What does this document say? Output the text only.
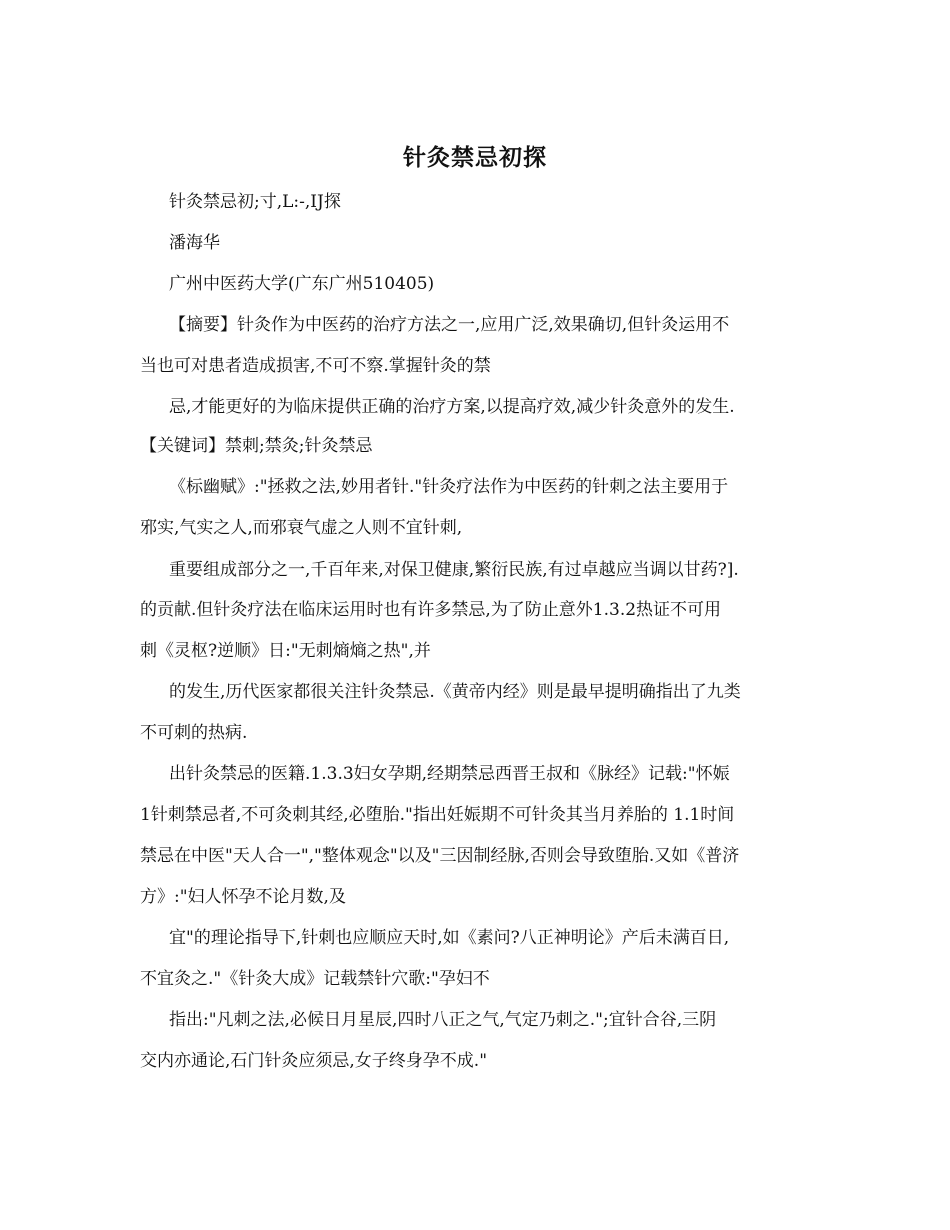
针灸禁忌初探
针灸禁忌初;寸,L:-,IJ探
潘海华
广州中医药大学(广东广州510405)
【摘要】针灸作为中医药的治疗方法之一,应用广泛,效果确切,但针灸运用不
当也可对患者造成损害,不可不察.掌握针灸的禁
忌,才能更好的为临床提供正确的治疗方案,以提高疗效,减少针灸意外的发生.
【关键词】禁刺;禁灸;针灸禁忌
《标幽赋》:"拯救之法,妙用者针."针灸疗法作为中医药的针刺之法主要用于
邪实,气实之人,而邪衰气虚之人则不宜针刺,
重要组成部分之一,千百年来,对保卫健康,繁衍民族,有过卓越应当调以甘药?].
的贡献.但针灸疗法在临床运用时也有许多禁忌,为了防止意外1.3.2热证不可用
刺《灵枢?逆顺》日:"无刺熵熵之热",并
的发生,历代医家都很关注针灸禁忌.《黄帝内经》则是最早提明确指出了九类
不可刺的热病.
出针灸禁忌的医籍.1.3.3妇女孕期,经期禁忌西晋王叔和《脉经》记载:"怀娠
1针刺禁忌者,不可灸刺其经,必堕胎."指出妊娠期不可针灸其当月养胎的 1.1时间
禁忌在中医"天人合一","整体观念"以及"三因制经脉,否则会导致堕胎.又如《普济
方》:"妇人怀孕不论月数,及
宜"的理论指导下,针刺也应顺应天时,如《素问?八正神明论》产后未满百日,
不宜灸之."《针灸大成》记载禁针穴歌:"孕妇不
指出:"凡刺之法,必候日月星辰,四时八正之气,气定乃刺之.";宜针合谷,三阴
交内亦通论,石门针灸应须忌,女子终身孕不成."
